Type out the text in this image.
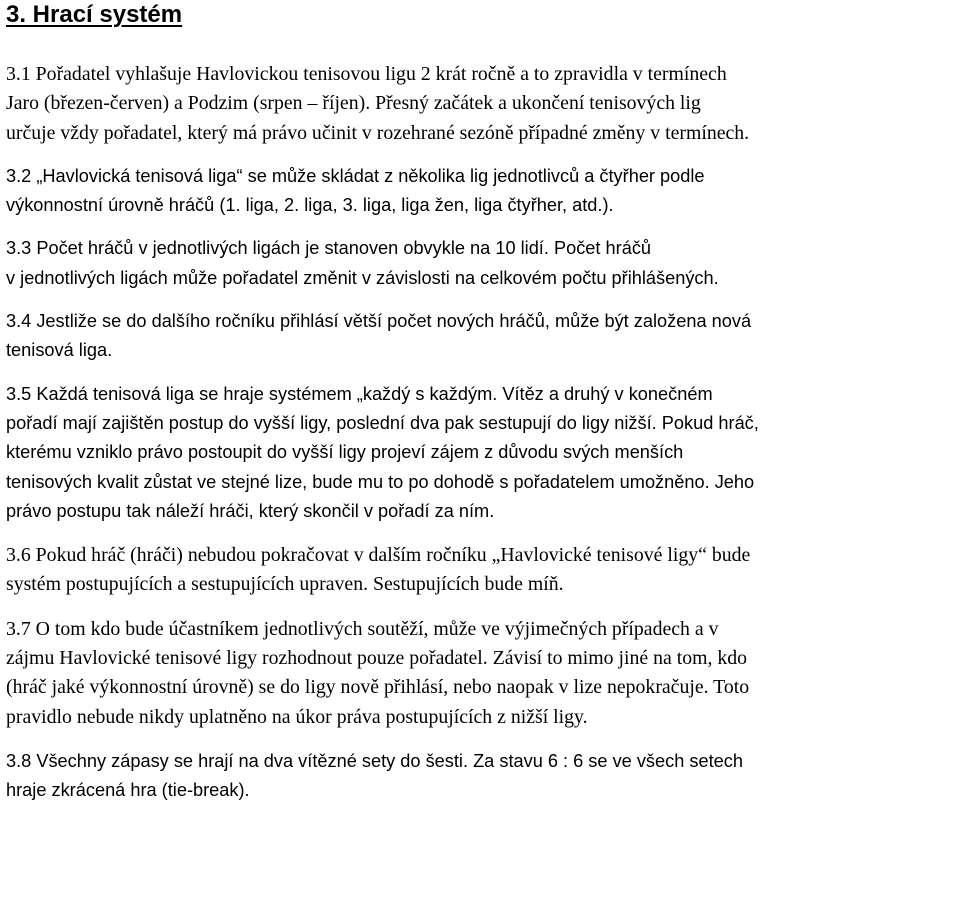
3. Hrací systém

3.1 Pořadatel vyhlašuje Havlovickou tenisovou ligu 2 krát ročně a to zpravidla v termínech
Jaro (březen-červen) a Podzim (srpen – říjen). Přesný začátek a ukončení tenisových lig
určuje vždy pořadatel, který má právo učinit v rozehrané sezóně případné změny v termínech.

3.2 „Havlovická tenisová liga“ se může skládat z několika lig jednotlivců a čtyřher podle
výkonnostní úrovně hráčů (1. liga, 2. liga, 3. liga, liga žen, liga čtyřher, atd.).

3.3 Počet hráčů v jednotlivých ligách je stanoven obvykle na 10 lidí. Počet hráčů
v jednotlivých ligách může pořadatel změnit v závislosti na celkovém počtu přihlášených.

3.4 Jestliže se do dalšího ročníku přihlásí větší počet nových hráčů, může být založena nová
tenisová liga.

3.5 Každá tenisová liga se hraje systémem „každý s každým. Vítěz a druhý v konečném
pořadí mají zajištěn postup do vyšší ligy, poslední dva pak sestupují do ligy nižší. Pokud hráč,
kterému vzniklo právo postoupit do vyšší ligy projeví zájem z důvodu svých menších
tenisových kvalit zůstat ve stejné lize, bude mu to po dohodě s pořadatelem umožněno. Jeho
právo postupu tak náleží hráči, který skončil v pořadí za ním.

3.6 Pokud hráč (hráči) nebudou pokračovat v dalším ročníku „Havlovické tenisové ligy“ bude
systém postupujících a sestupujících upraven. Sestupujících bude míň.

3.7 O tom kdo bude účastníkem jednotlivých soutěží, může ve výjimečných případech a v
zájmu Havlovické tenisové ligy rozhodnout pouze pořadatel. Závisí to mimo jiné na tom, kdo
(hráč jaké výkonnostní úrovně) se do ligy nově přihlásí, nebo naopak v lize nepokračuje. Toto
pravidlo nebude nikdy uplatněno na úkor práva postupujících z nižší ligy.

3.8 Všechny zápasy se hrají na dva vítězné sety do šesti. Za stavu 6 : 6 se ve všech setech
hraje zkrácená hra (tie-break).
